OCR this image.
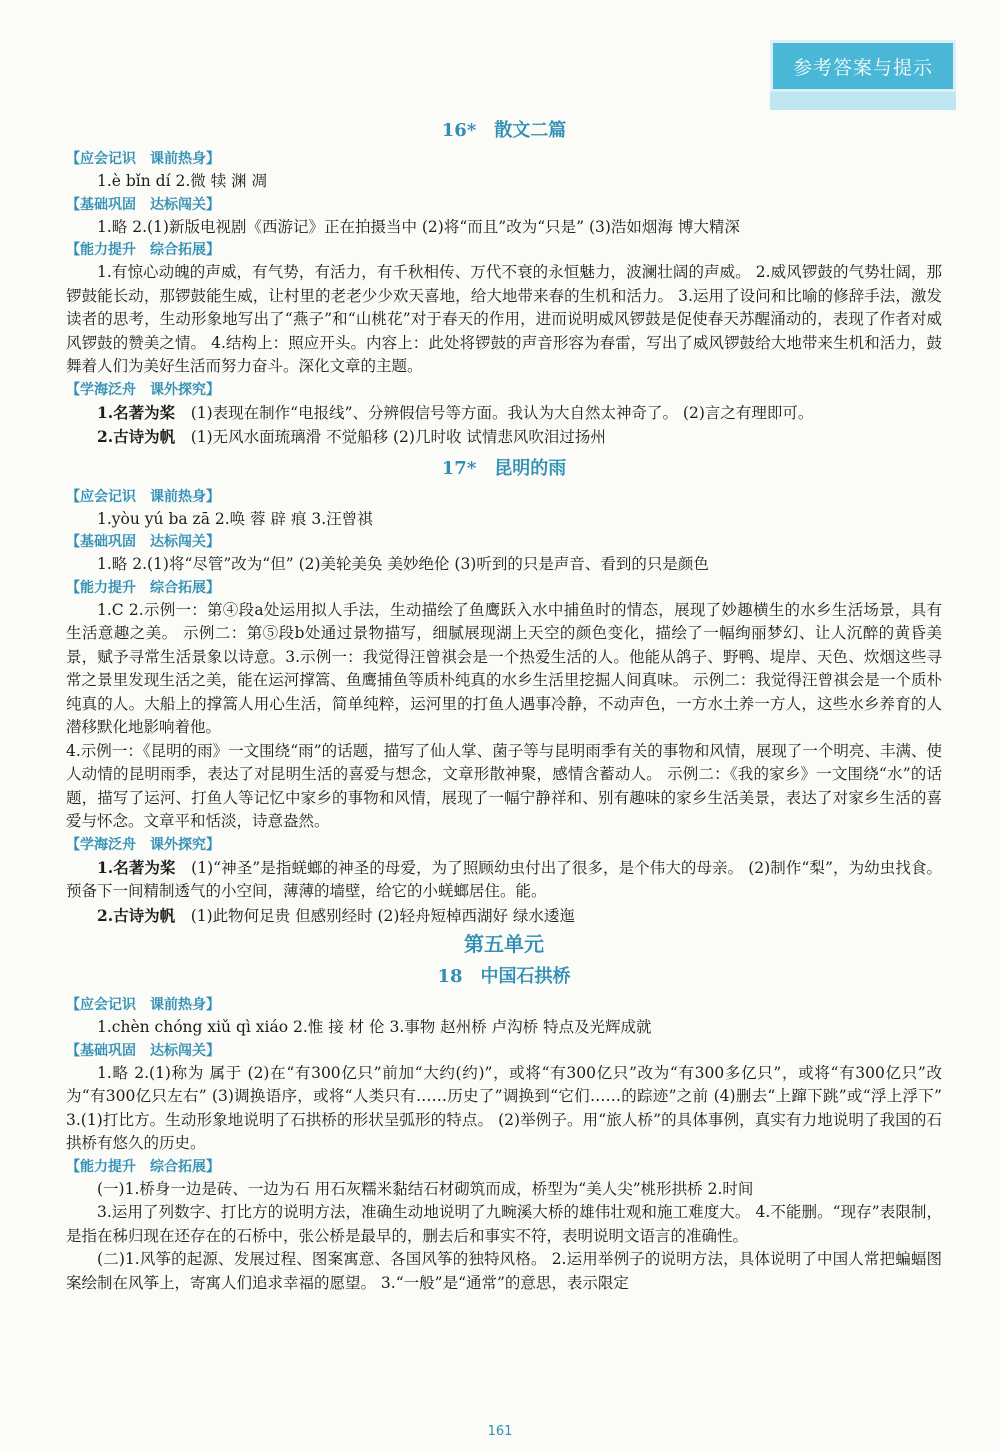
参考答案与提示
16* 散文二篇
【应会记识　课前热身】

1.è bǐn dí 2.微 犊 渊 凋

【基础巩固　达标闯关】

1.略 2.(1)新版电视剧《西游记》正在拍摄当中 (2)将“而且”改为“只是” (3)浩如烟海 博大精深

【能力提升　综合拓展】

1.有惊心动魄的声威，有气势，有活力，有千秋相传、万代不衰的永恒魅力，波澜壮阔的声威。 2.威风锣鼓的气势壮阔，那锣鼓能长动，那锣鼓能生威，让村里的老老少少欢天喜地，给大地带来春的生机和活力。 3.运用了设问和比喻的修辞手法，激发读者的思考，生动形象地写出了“燕子”和“山桃花”对于春天的作用，进而说明威风锣鼓是促使春天苏醒涌动的，表现了作者对威风锣鼓的赞美之情。 4.结构上：照应开头。内容上：此处将锣鼓的声音形容为春雷，写出了威风锣鼓给大地带来生机和活力，鼓舞着人们为美好生活而努力奋斗。深化文章的主题。

【学海泛舟　课外探究】

1.名著为桨　 (1)表现在制作“电报线”、分辨假信号等方面。我认为大自然太神奇了。 (2)言之有理即可。

2.古诗为帆　 (1)无风水面琉璃滑 不觉船移 (2)几时收 试情悲风吹泪过扬州

17* 昆明的雨
【应会记识　课前热身】

1.yòu yú ba zā 2.唤 蓉 辟 痕 3.汪曾祺

【基础巩固　达标闯关】

1.略 2.(1)将“尽管”改为“但” (2)美轮美奂 美妙绝伦 (3)听到的只是声音、看到的只是颜色

【能力提升　综合拓展】

1.C 2.示例一：第④段a处运用拟人手法，生动描绘了鱼鹰跃入水中捕鱼时的情态，展现了妙趣横生的水乡生活场景，具有生活意趣之美。 示例二：第⑤段b处通过景物描写，细腻展现湖上天空的颜色变化，描绘了一幅绚丽梦幻、让人沉醉的黄昏美景，赋予寻常生活景象以诗意。3.示例一：我觉得汪曾祺会是一个热爱生活的人。他能从鸽子、野鸭、堤岸、天色、炊烟这些寻常之景里发现生活之美，能在运河撑篙、鱼鹰捕鱼等质朴纯真的水乡生活里挖掘人间真味。 示例二：我觉得汪曾祺会是一个质朴纯真的人。大船上的撑篙人用心生活，简单纯粹，运河里的打鱼人遇事冷静，不动声色，一方水土养一方人，这些水乡养育的人潜移默化地影响着他。

4.示例一：《昆明的雨》一文围绕“雨”的话题，描写了仙人掌、菌子等与昆明雨季有关的事物和风情，展现了一个明亮、丰满、使人动情的昆明雨季，表达了对昆明生活的喜爱与想念，文章形散神聚，感情含蓄动人。 示例二：《我的家乡》一文围绕“水”的话题，描写了运河、打鱼人等记忆中家乡的事物和风情，展现了一幅宁静祥和、别有趣味的家乡生活美景，表达了对家乡生活的喜爱与怀念。文章平和恬淡，诗意盎然。

【学海泛舟　课外探究】

1.名著为桨　 (1)“神圣”是指蜣螂的神圣的母爱，为了照顾幼虫付出了很多，是个伟大的母亲。 (2)制作“梨”，为幼虫找食。预备下一间精制透气的小空间，薄薄的墙壁，给它的小蜣螂居住。能。

2.古诗为帆　 (1)此物何足贵 但感别经时 (2)轻舟短棹西湖好 绿水逶迤

第五单元
18 中国石拱桥
【应会记识　课前热身】

1.chèn chóng xiǔ qì xiáo 2.惟 接 材 伦 3.事物 赵州桥 卢沟桥 特点及光辉成就

【基础巩固　达标闯关】

1.略 2.(1)称为 属于 (2)在“有300亿只”前加“大约(约)”，或将“有300亿只”改为“有300多亿只”，或将“有300亿只”改为“有300亿只左右” (3)调换语序，或将“人类只有……历史了”调换到“它们……的踪迹”之前 (4)删去“上蹿下跳”或“浮上浮下” 3.(1)打比方。生动形象地说明了石拱桥的形状呈弧形的特点。 (2)举例子。用“旅人桥”的具体事例，真实有力地说明了我国的石拱桥有悠久的历史。

【能力提升　综合拓展】

(一)1.桥身一边是砖、一边为石 用石灰糯米黏结石材砌筑而成，桥型为“美人尖”桃形拱桥 2.时间

3.运用了列数字、打比方的说明方法，准确生动地说明了九畹溪大桥的雄伟壮观和施工难度大。 4.不能删。“现存”表限制，是指在秭归现在还存在的石桥中，张公桥是最早的，删去后和事实不符，表明说明文语言的准确性。

(二)1.风筝的起源、发展过程、图案寓意、各国风筝的独特风格。 2.运用举例子的说明方法，具体说明了中国人常把蝙蝠图案绘制在风筝上，寄寓人们追求幸福的愿望。 3.“一般”是“通常”的意思，表示限定

161
